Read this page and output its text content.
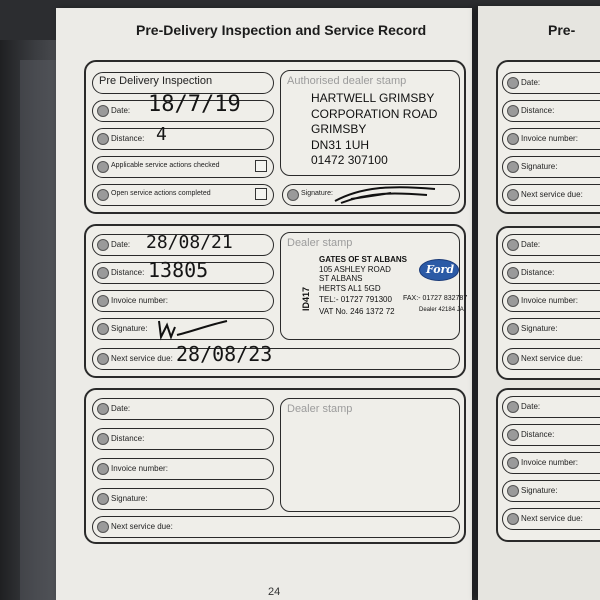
Pre-Delivery Inspection and Service Record
Pre Delivery Inspection
Date: 18/7/19
Distance: 4
Applicable service actions checked
Open service actions completed
Authorised dealer stamp
HARTWELL GRIMSBY
CORPORATION ROAD
GRIMSBY
DN31 1UH
01472 307100
Signature:
Date: 28/08/21
Distance: 13805
Invoice number:
Signature:
Next service due: 28/08/23
Dealer stamp
GATES OF ST ALBANS
105 ASHLEY ROAD
ST ALBANS
HERTS AL1 5GD
TEL:- 01727 791300 FAX:- 01727 832787
VAT No. 246 1372 72	Dealer 42184 JA
ID417
Ford
Date:
Distance:
Invoice number:
Signature:
Next service due:
Dealer stamp
24
Pre-
Date:
Distance:
Invoice number:
Signature:
Next service due:
Date:
Distance:
Invoice number:
Signature:
Next service due:
Date:
Distance:
Invoice number:
Signature:
Next service due:
